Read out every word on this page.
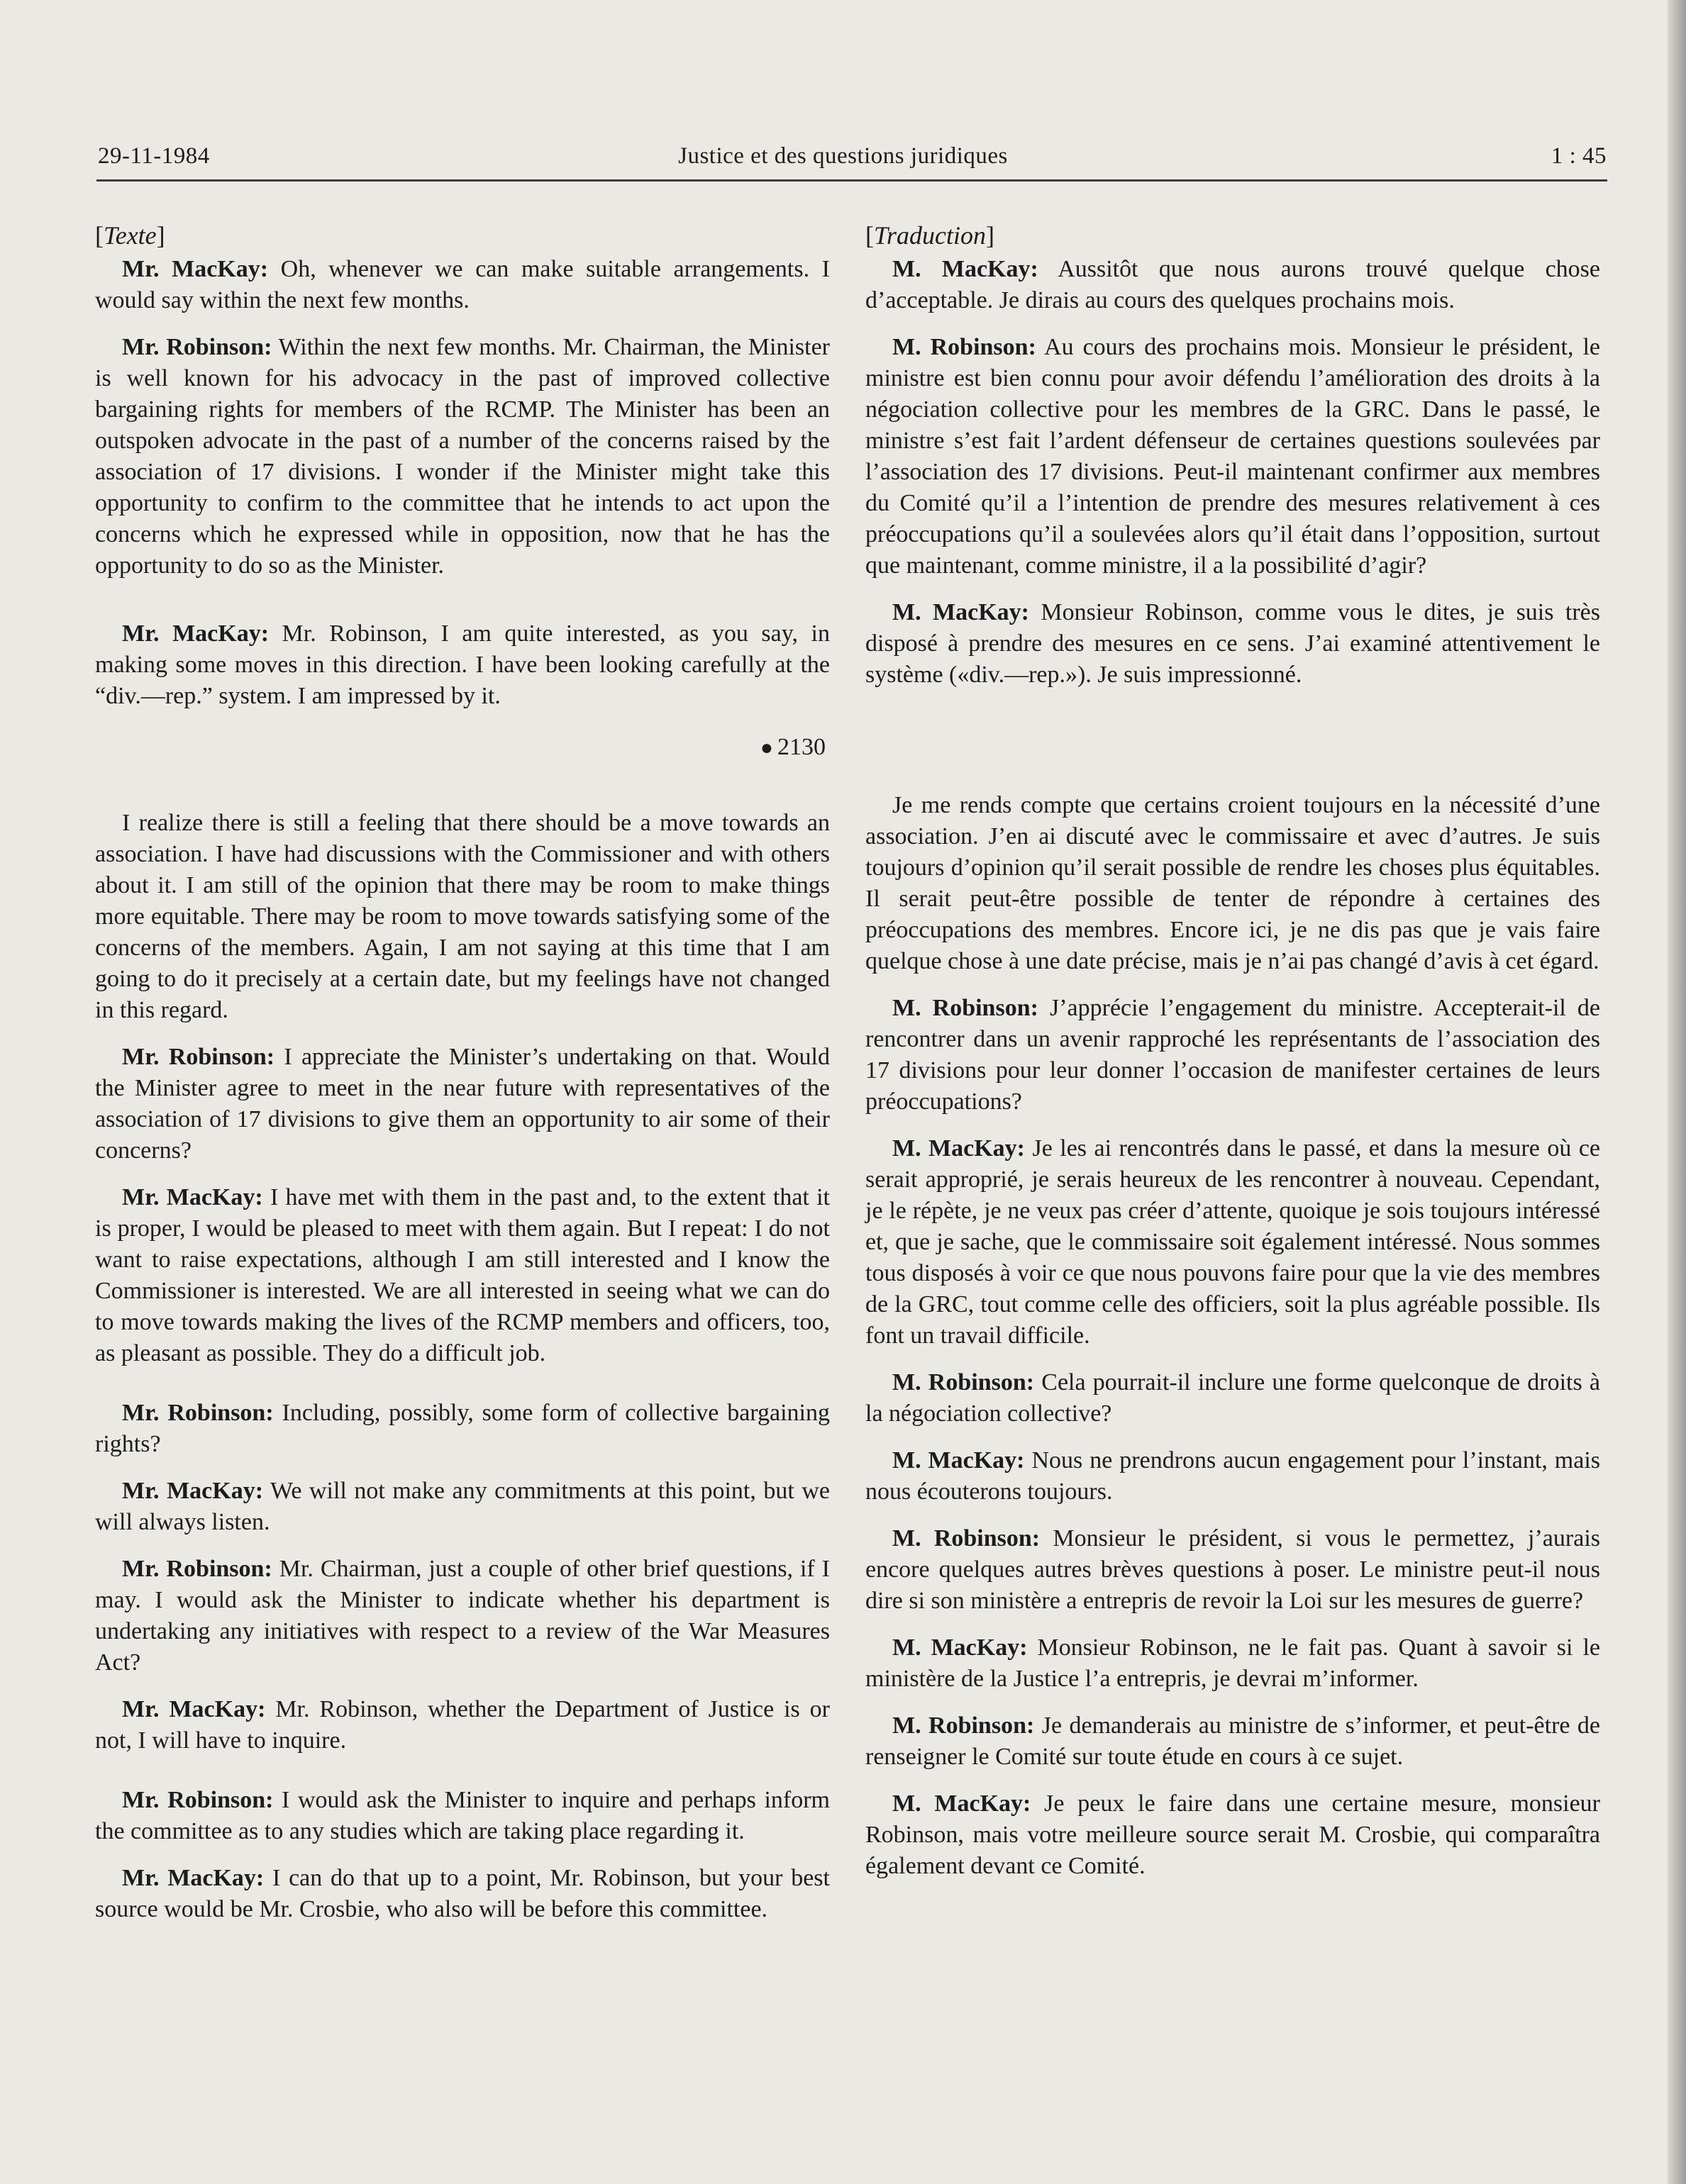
29-11-1984	Justice et des questions juridiques	1 : 45
[Texte]

Mr. MacKay: Oh, whenever we can make suitable arrangements. I would say within the next few months.

Mr. Robinson: Within the next few months. Mr. Chairman, the Minister is well known for his advocacy in the past of improved collective bargaining rights for members of the RCMP. The Minister has been an outspoken advocate in the past of a number of the concerns raised by the association of 17 divisions. I wonder if the Minister might take this opportunity to confirm to the committee that he intends to act upon the concerns which he expressed while in opposition, now that he has the opportunity to do so as the Minister.

Mr. MacKay: Mr. Robinson, I am quite interested, as you say, in making some moves in this direction. I have been looking carefully at the “div.—rep.” system. I am impressed by it.

● 2130

I realize there is still a feeling that there should be a move towards an association. I have had discussions with the Commissioner and with others about it. I am still of the opinion that there may be room to make things more equitable. There may be room to move towards satisfying some of the concerns of the members. Again, I am not saying at this time that I am going to do it precisely at a certain date, but my feelings have not changed in this regard.

Mr. Robinson: I appreciate the Minister’s undertaking on that. Would the Minister agree to meet in the near future with representatives of the association of 17 divisions to give them an opportunity to air some of their concerns?

Mr. MacKay: I have met with them in the past and, to the extent that it is proper, I would be pleased to meet with them again. But I repeat: I do not want to raise expectations, although I am still interested and I know the Commissioner is interested. We are all interested in seeing what we can do to move towards making the lives of the RCMP members and officers, too, as pleasant as possible. They do a difficult job.

Mr. Robinson: Including, possibly, some form of collective bargaining rights?

Mr. MacKay: We will not make any commitments at this point, but we will always listen.

Mr. Robinson: Mr. Chairman, just a couple of other brief questions, if I may. I would ask the Minister to indicate whether his department is undertaking any initiatives with respect to a review of the War Measures Act?

Mr. MacKay: Mr. Robinson, whether the Department of Justice is or not, I will have to inquire.

Mr. Robinson: I would ask the Minister to inquire and perhaps inform the committee as to any studies which are taking place regarding it.

Mr. MacKay: I can do that up to a point, Mr. Robinson, but your best source would be Mr. Crosbie, who also will be before this committee.

[Traduction]

M. MacKay: Aussitôt que nous aurons trouvé quelque chose d’acceptable. Je dirais au cours des quelques prochains mois.

M. Robinson: Au cours des prochains mois. Monsieur le président, le ministre est bien connu pour avoir défendu l’amélioration des droits à la négociation collective pour les membres de la GRC. Dans le passé, le ministre s’est fait l’ardent défenseur de certaines questions soulevées par l’association des 17 divisions. Peut-il maintenant confirmer aux membres du Comité qu’il a l’intention de prendre des mesures relativement à ces préoccupations qu’il a soulevées alors qu’il était dans l’opposition, surtout que maintenant, comme ministre, il a la possibilité d’agir?

M. MacKay: Monsieur Robinson, comme vous le dites, je suis très disposé à prendre des mesures en ce sens. J’ai examiné attentivement le système («div.—rep.»). Je suis impressionné.

Je me rends compte que certains croient toujours en la nécessité d’une association. J’en ai discuté avec le commissaire et avec d’autres. Je suis toujours d’opinion qu’il serait possible de rendre les choses plus équitables. Il serait peut-être possible de tenter de répondre à certaines des préoccupations des membres. Encore ici, je ne dis pas que je vais faire quelque chose à une date précise, mais je n’ai pas changé d’avis à cet égard.

M. Robinson: J’apprécie l’engagement du ministre. Accepterait-il de rencontrer dans un avenir rapproché les représentants de l’association des 17 divisions pour leur donner l’occasion de manifester certaines de leurs préoccupations?

M. MacKay: Je les ai rencontrés dans le passé, et dans la mesure où ce serait approprié, je serais heureux de les rencontrer à nouveau. Cependant, je le répète, je ne veux pas créer d’attente, quoique je sois toujours intéressé et, que je sache, que le commissaire soit également intéressé. Nous sommes tous disposés à voir ce que nous pouvons faire pour que la vie des membres de la GRC, tout comme celle des officiers, soit la plus agréable possible. Ils font un travail difficile.

M. Robinson: Cela pourrait-il inclure une forme quelconque de droits à la négociation collective?

M. MacKay: Nous ne prendrons aucun engagement pour l’instant, mais nous écouterons toujours.

M. Robinson: Monsieur le président, si vous le permettez, j’aurais encore quelques autres brèves questions à poser. Le ministre peut-il nous dire si son ministère a entrepris de revoir la Loi sur les mesures de guerre?

M. MacKay: Monsieur Robinson, ne le fait pas. Quant à savoir si le ministère de la Justice l’a entrepris, je devrai m’informer.

M. Robinson: Je demanderais au ministre de s’informer, et peut-être de renseigner le Comité sur toute étude en cours à ce sujet.

M. MacKay: Je peux le faire dans une certaine mesure, monsieur Robinson, mais votre meilleure source serait M. Crosbie, qui comparaîtra également devant ce Comité.
